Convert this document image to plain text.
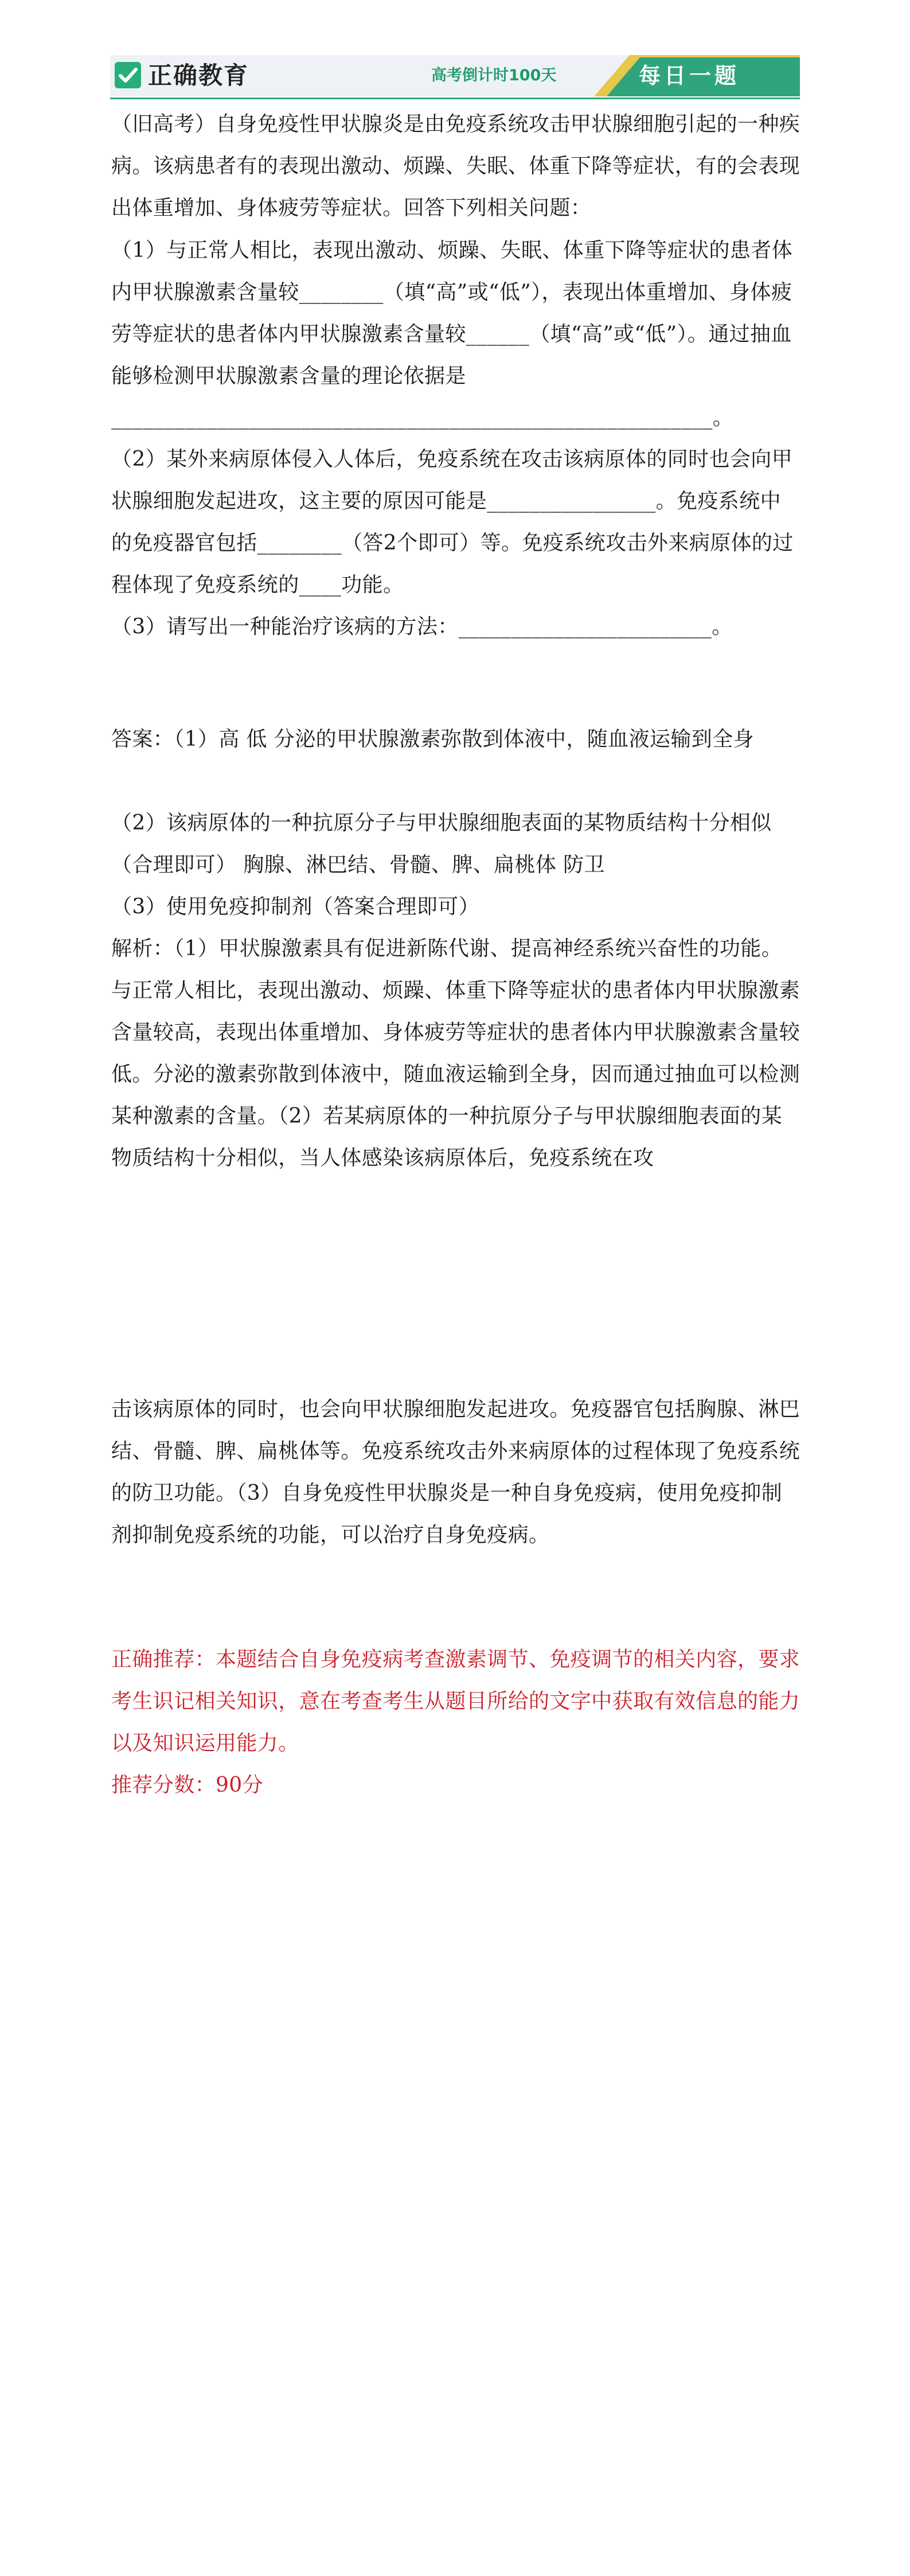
正确教育	高考倒计时100天	每日一题

（旧高考）自身免疫性甲状腺炎是由免疫系统攻击甲状腺细胞引起的一种疾病。该病患者有的表现出激动、烦躁、失眠、体重下降等症状，有的会表现出体重增加、身体疲劳等症状。回答下列相关问题：

（1）与正常人相比，表现出激动、烦躁、失眠、体重下降等症状的患者体内甲状腺激素含量较________（填“高”或“低”），表现出体重增加、身体疲劳等症状的患者体内甲状腺激素含量较______（填“高”或“低”）。通过抽血能够检测甲状腺激素含量的理论依据是_________________________________________________________。

（2）某外来病原体侵入人体后，免疫系统在攻击该病原体的同时也会向甲状腺细胞发起进攻，这主要的原因可能是________________。免疫系统中的免疫器官包括________（答2个即可）等。免疫系统攻击外来病原体的过程体现了免疫系统的____功能。

（3）请写出一种能治疗该病的方法：________________________。

答案：（1）高 低 分泌的甲状腺激素弥散到体液中，随血液运输到全身

（2）该病原体的一种抗原分子与甲状腺细胞表面的某物质结构十分相似（合理即可） 胸腺、淋巴结、骨髓、脾、扁桃体 防卫

（3）使用免疫抑制剂（答案合理即可）

解析：（1）甲状腺激素具有促进新陈代谢、提高神经系统兴奋性的功能。与正常人相比，表现出激动、烦躁、体重下降等症状的患者体内甲状腺激素含量较高，表现出体重增加、身体疲劳等症状的患者体内甲状腺激素含量较低。分泌的激素弥散到体液中，随血液运输到全身，因而通过抽血可以检测某种激素的含量。（2）若某病原体的一种抗原分子与甲状腺细胞表面的某物质结构十分相似，当人体感染该病原体后，免疫系统在攻

击该病原体的同时，也会向甲状腺细胞发起进攻。免疫器官包括胸腺、淋巴结、骨髓、脾、扁桃体等。免疫系统攻击外来病原体的过程体现了免疫系统的防卫功能。（3）自身免疫性甲状腺炎是一种自身免疫病，使用免疫抑制剂抑制免疫系统的功能，可以治疗自身免疫病。

正确推荐：本题结合自身免疫病考查激素调节、免疫调节的相关内容，要求考生识记相关知识，意在考查考生从题目所给的文字中获取有效信息的能力以及知识运用能力。

推荐分数：90分
